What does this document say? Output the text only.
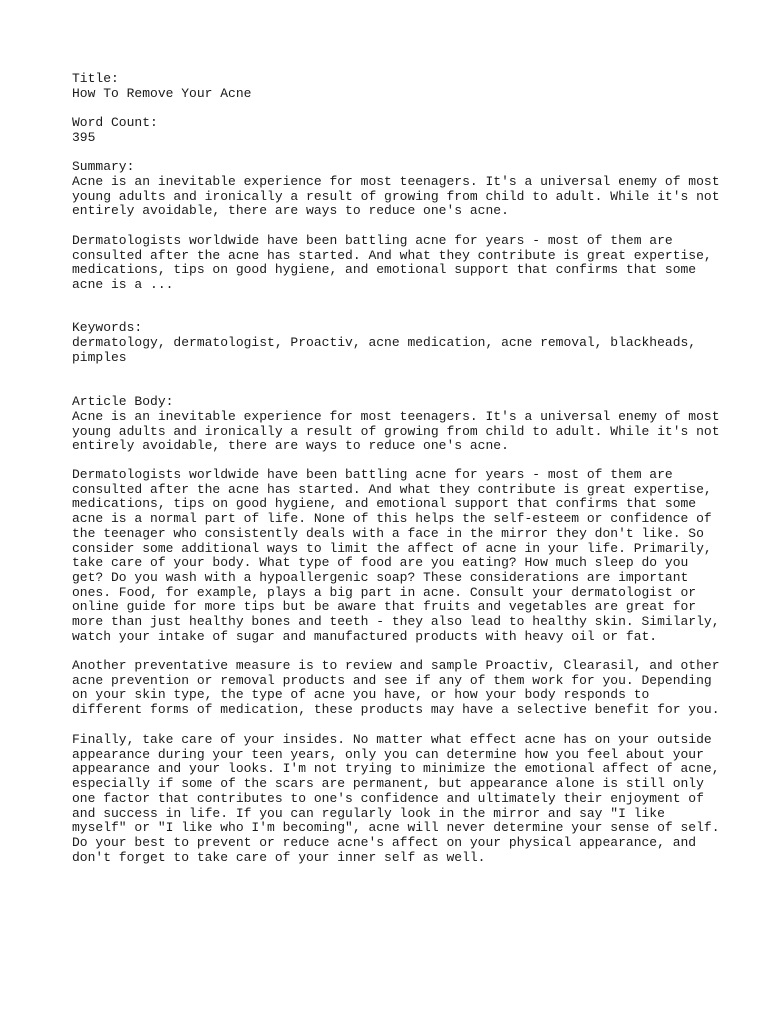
Title:

How To Remove Your Acne

Word Count:

395

Summary:

Acne is an inevitable experience for most teenagers. It's a universal enemy of most
young adults and ironically a result of growing from child to adult. While it's not
entirely avoidable, there are ways to reduce one's acne.

Dermatologists worldwide have been battling acne for years - most of them are
consulted after the acne has started. And what they contribute is great expertise,
medications, tips on good hygiene, and emotional support that confirms that some
acne is a ...

Keywords:

dermatology, dermatologist, Proactiv, acne medication, acne removal, blackheads,
pimples

Article Body:

Acne is an inevitable experience for most teenagers. It's a universal enemy of most
young adults and ironically a result of growing from child to adult. While it's not
entirely avoidable, there are ways to reduce one's acne.

Dermatologists worldwide have been battling acne for years - most of them are
consulted after the acne has started. And what they contribute is great expertise,
medications, tips on good hygiene, and emotional support that confirms that some
acne is a normal part of life. None of this helps the self-esteem or confidence of
the teenager who consistently deals with a face in the mirror they don't like. So
consider some additional ways to limit the affect of acne in your life. Primarily,
take care of your body. What type of food are you eating? How much sleep do you
get? Do you wash with a hypoallergenic soap? These considerations are important
ones. Food, for example, plays a big part in acne. Consult your dermatologist or
online guide for more tips but be aware that fruits and vegetables are great for
more than just healthy bones and teeth - they also lead to healthy skin. Similarly,
watch your intake of sugar and manufactured products with heavy oil or fat.

Another preventative measure is to review and sample Proactiv, Clearasil, and other
acne prevention or removal products and see if any of them work for you. Depending
on your skin type, the type of acne you have, or how your body responds to
different forms of medication, these products may have a selective benefit for you.

Finally, take care of your insides. No matter what effect acne has on your outside
appearance during your teen years, only you can determine how you feel about your
appearance and your looks. I'm not trying to minimize the emotional affect of acne,
especially if some of the scars are permanent, but appearance alone is still only
one factor that contributes to one's confidence and ultimately their enjoyment of
and success in life. If you can regularly look in the mirror and say "I like
myself" or "I like who I'm becoming", acne will never determine your sense of self.
Do your best to prevent or reduce acne's affect on your physical appearance, and
don't forget to take care of your inner self as well.
